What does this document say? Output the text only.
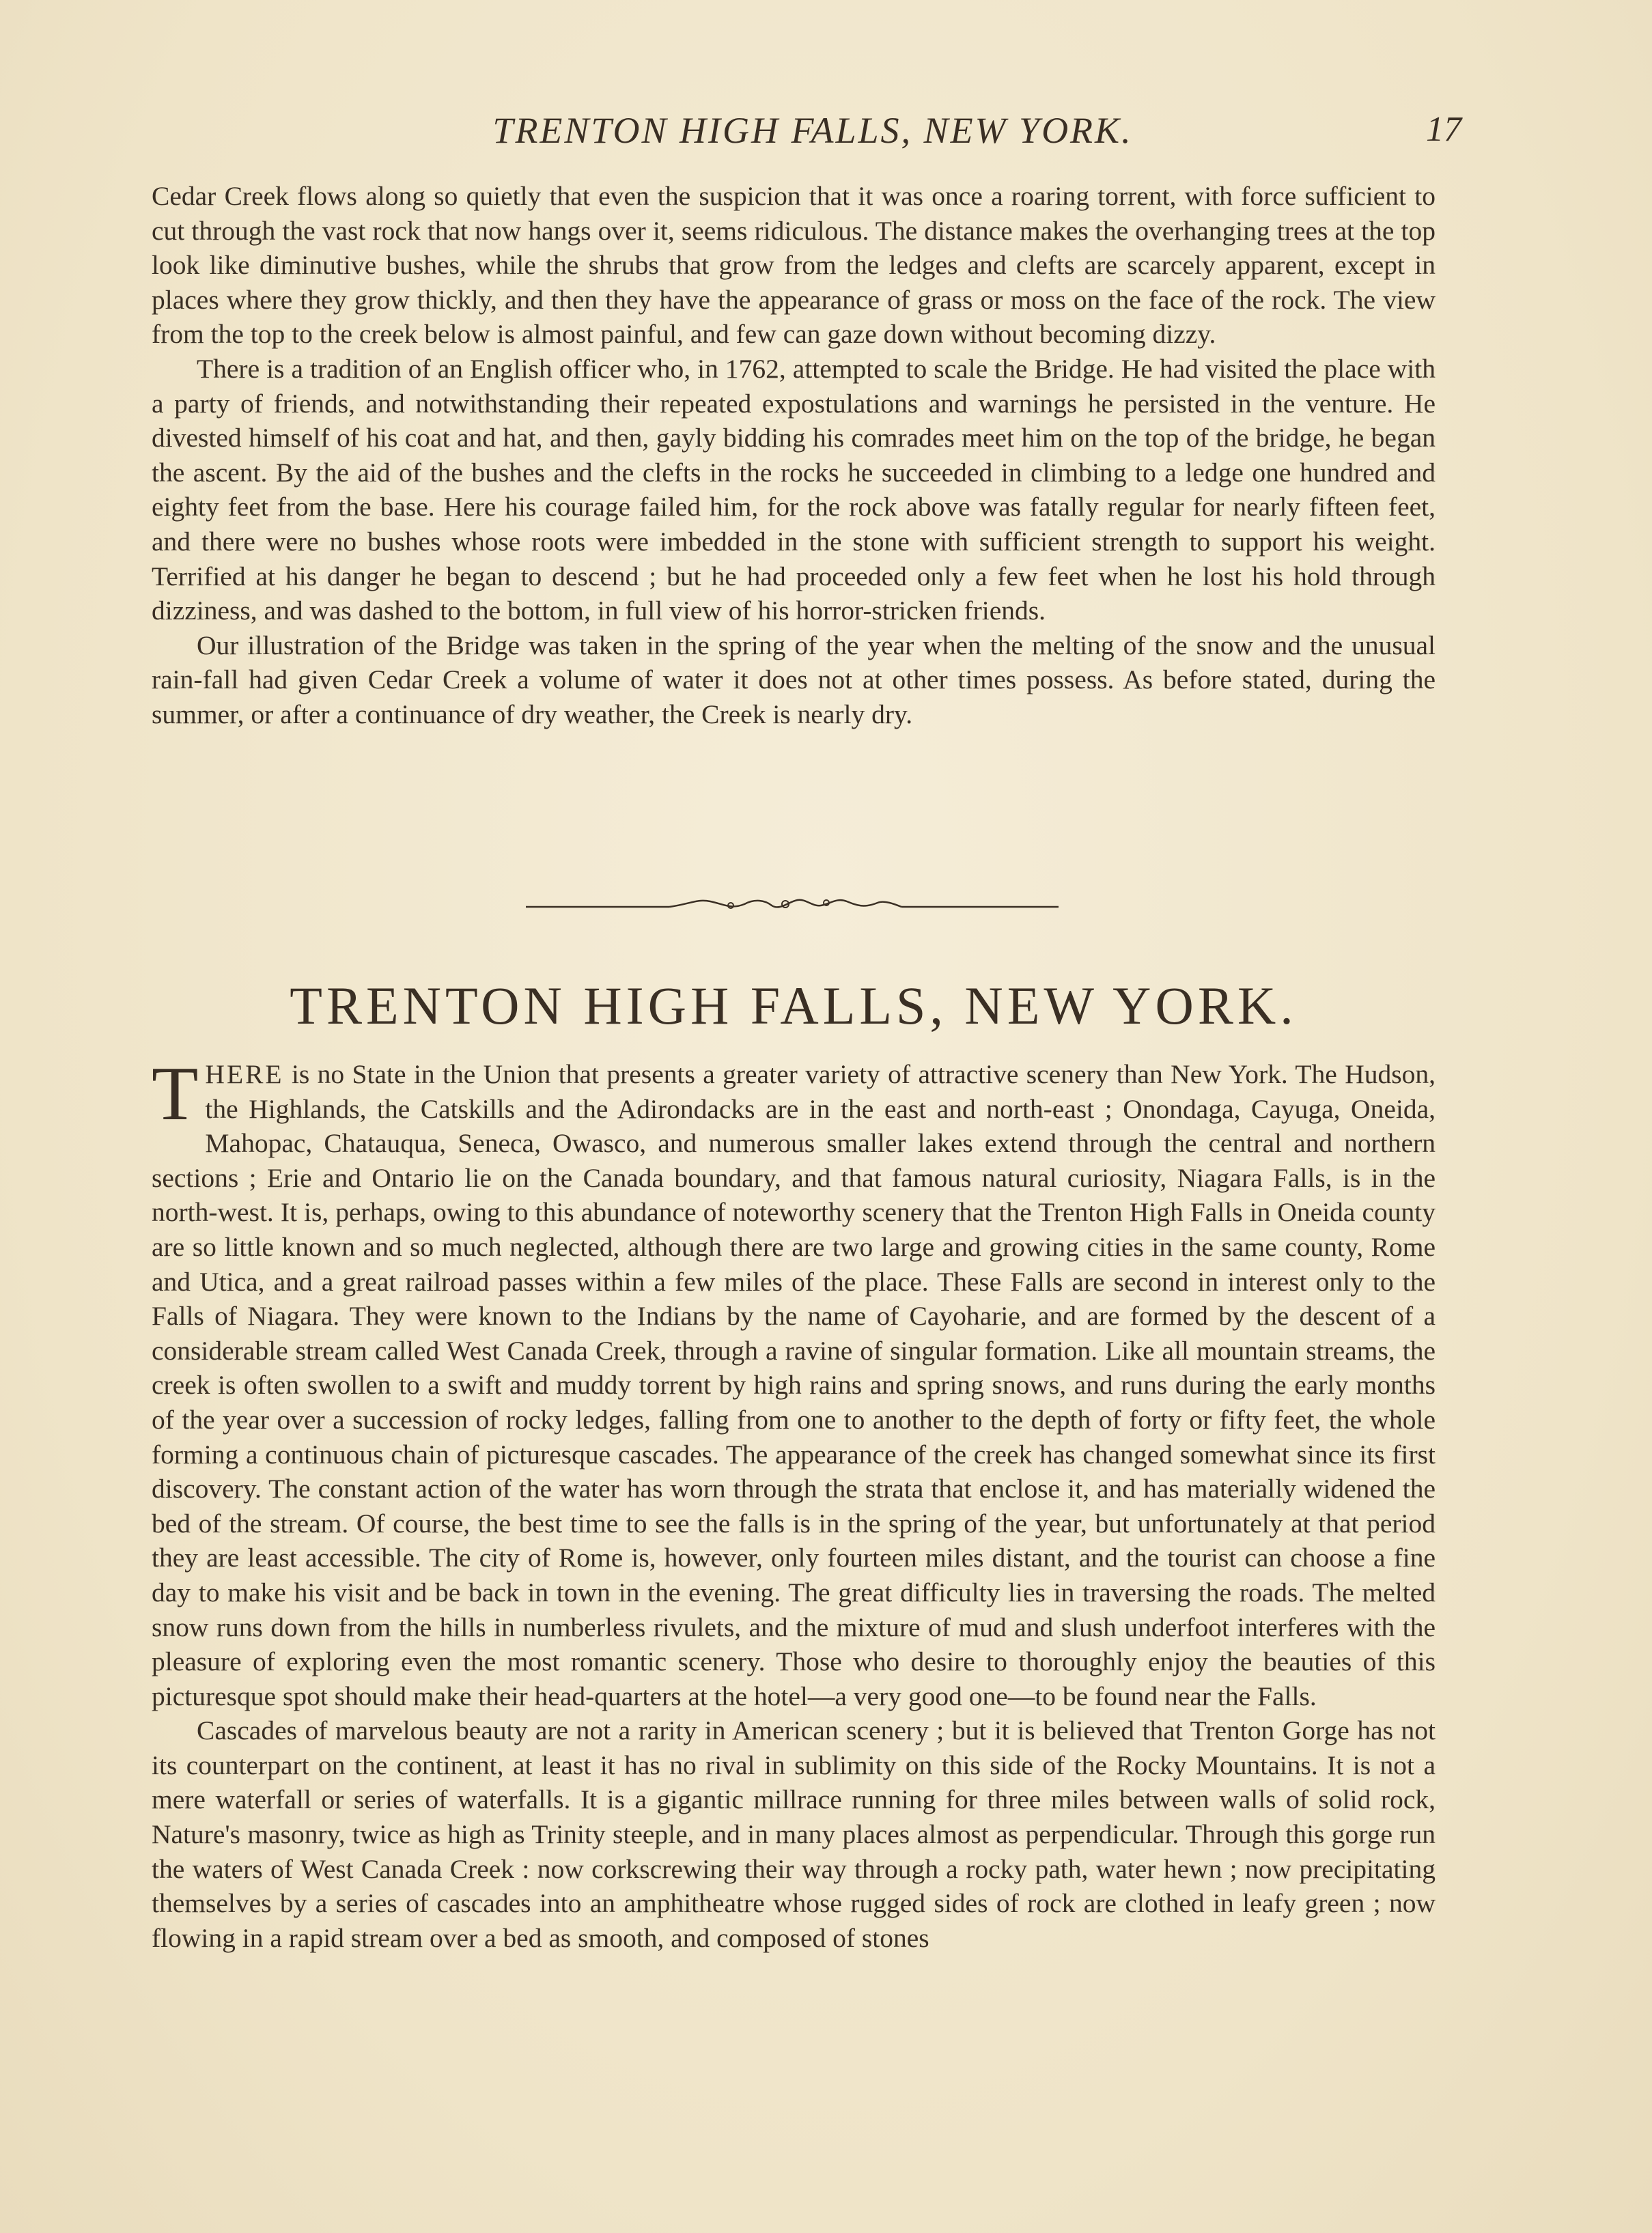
TRENTON HIGH FALLS, NEW YORK.	17

Cedar Creek flows along so quietly that even the suspicion that it was once a roaring torrent, with force sufficient to cut through the vast rock that now hangs over it, seems ridiculous. The distance makes the overhanging trees at the top look like diminutive bushes, while the shrubs that grow from the ledges and clefts are scarcely apparent, except in places where they grow thickly, and then they have the appearance of grass or moss on the face of the rock. The view from the top to the creek below is almost painful, and few can gaze down without becoming dizzy.

There is a tradition of an English officer who, in 1762, attempted to scale the Bridge. He had visited the place with a party of friends, and notwithstanding their repeated expostulations and warnings he persisted in the venture. He divested himself of his coat and hat, and then, gayly bidding his comrades meet him on the top of the bridge, he began the ascent. By the aid of the bushes and the clefts in the rocks he succeeded in climbing to a ledge one hundred and eighty feet from the base. Here his courage failed him, for the rock above was fatally regular for nearly fifteen feet, and there were no bushes whose roots were imbedded in the stone with sufficient strength to support his weight. Terrified at his danger he began to descend ; but he had proceeded only a few feet when he lost his hold through dizziness, and was dashed to the bottom, in full view of his horror-stricken friends.

Our illustration of the Bridge was taken in the spring of the year when the melting of the snow and the unusual rain-fall had given Cedar Creek a volume of water it does not at other times possess. As before stated, during the summer, or after a continuance of dry weather, the Creek is nearly dry.

TRENTON HIGH FALLS, NEW YORK.

THERE is no State in the Union that presents a greater variety of attractive scenery than New York. The Hudson, the Highlands, the Catskills and the Adirondacks are in the east and north-east ; Onondaga, Cayuga, Oneida, Mahopac, Chatauqua, Seneca, Owasco, and numerous smaller lakes extend through the central and northern sections ; Erie and Ontario lie on the Canada boundary, and that famous natural curiosity, Niagara Falls, is in the north-west. It is, perhaps, owing to this abundance of noteworthy scenery that the Trenton High Falls in Oneida county are so little known and so much neglected, although there are two large and growing cities in the same county, Rome and Utica, and a great railroad passes within a few miles of the place. These Falls are second in interest only to the Falls of Niagara. They were known to the Indians by the name of Cayoharie, and are formed by the descent of a considerable stream called West Canada Creek, through a ravine of singular formation. Like all mountain streams, the creek is often swollen to a swift and muddy torrent by high rains and spring snows, and runs during the early months of the year over a succession of rocky ledges, falling from one to another to the depth of forty or fifty feet, the whole forming a continuous chain of picturesque cascades. The appearance of the creek has changed somewhat since its first discovery. The constant action of the water has worn through the strata that enclose it, and has materially widened the bed of the stream. Of course, the best time to see the falls is in the spring of the year, but unfortunately at that period they are least accessible. The city of Rome is, however, only fourteen miles distant, and the tourist can choose a fine day to make his visit and be back in town in the evening. The great difficulty lies in traversing the roads. The melted snow runs down from the hills in numberless rivulets, and the mixture of mud and slush underfoot interferes with the pleasure of exploring even the most romantic scenery. Those who desire to thoroughly enjoy the beauties of this picturesque spot should make their head-quarters at the hotel—a very good one—to be found near the Falls.

Cascades of marvelous beauty are not a rarity in American scenery ; but it is believed that Trenton Gorge has not its counterpart on the continent, at least it has no rival in sublimity on this side of the Rocky Mountains. It is not a mere waterfall or series of waterfalls. It is a gigantic millrace running for three miles between walls of solid rock, Nature's masonry, twice as high as Trinity steeple, and in many places almost as perpendicular. Through this gorge run the waters of West Canada Creek : now corkscrewing their way through a rocky path, water hewn ; now precipitating themselves by a series of cascades into an amphitheatre whose rugged sides of rock are clothed in leafy green ; now flowing in a rapid stream over a bed as smooth, and composed of stones
